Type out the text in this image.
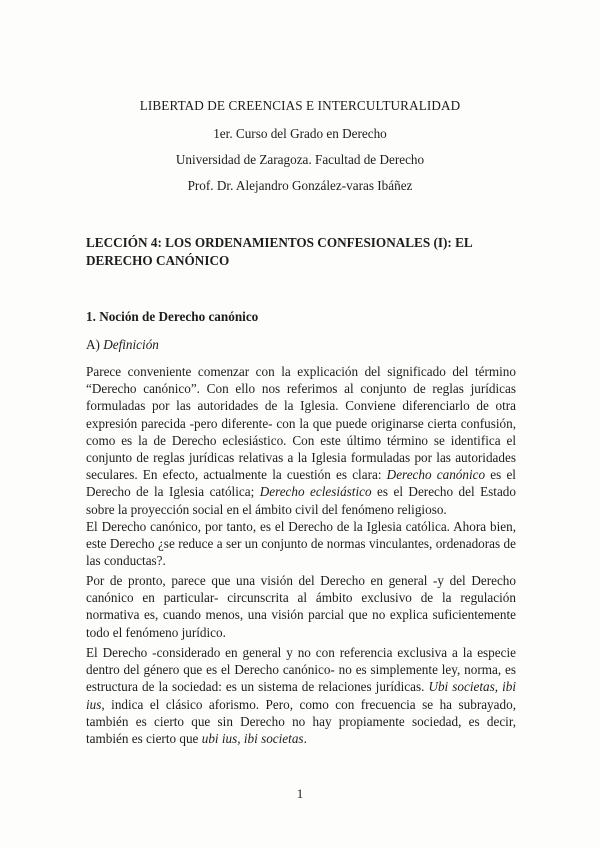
LIBERTAD DE CREENCIAS E INTERCULTURALIDAD
1er. Curso del Grado en Derecho
Universidad de Zaragoza. Facultad de Derecho
Prof. Dr. Alejandro González-varas Ibáñez
LECCIÓN 4: LOS ORDENAMIENTOS CONFESIONALES (I): EL DERECHO CANÓNICO
1. Noción de Derecho canónico
A) Definición

Parece conveniente comenzar con la explicación del significado del término “Derecho canónico”. Con ello nos referimos al conjunto de reglas jurídicas formuladas por las autoridades de la Iglesia. Conviene diferenciarlo de otra expresión parecida -pero diferente- con la que puede originarse cierta confusión, como es la de Derecho eclesiástico. Con este último término se identifica el conjunto de reglas jurídicas relativas a la Iglesia formuladas por las autoridades seculares. En efecto, actualmente la cuestión es clara: Derecho canónico es el Derecho de la Iglesia católica; Derecho eclesiástico es el Derecho del Estado sobre la proyección social en el ámbito civil del fenómeno religioso.

El Derecho canónico, por tanto, es el Derecho de la Iglesia católica. Ahora bien, este Derecho ¿se reduce a ser un conjunto de normas vinculantes, ordenadoras de las conductas?.

Por de pronto, parece que una visión del Derecho en general -y del Derecho canónico en particular- circunscrita al ámbito exclusivo de la regulación normativa es, cuando menos, una visión parcial que no explica suficientemente todo el fenómeno jurídico.

El Derecho -considerado en general y no con referencia exclusiva a la especie dentro del género que es el Derecho canónico- no es simplemente ley, norma, es estructura de la sociedad: es un sistema de relaciones jurídicas. Ubi societas, ibi ius, indica el clásico aforismo. Pero, como con frecuencia se ha subrayado, también es cierto que sin Derecho no hay propiamente sociedad, es decir, también es cierto que ubi ius, ibi societas.

1
